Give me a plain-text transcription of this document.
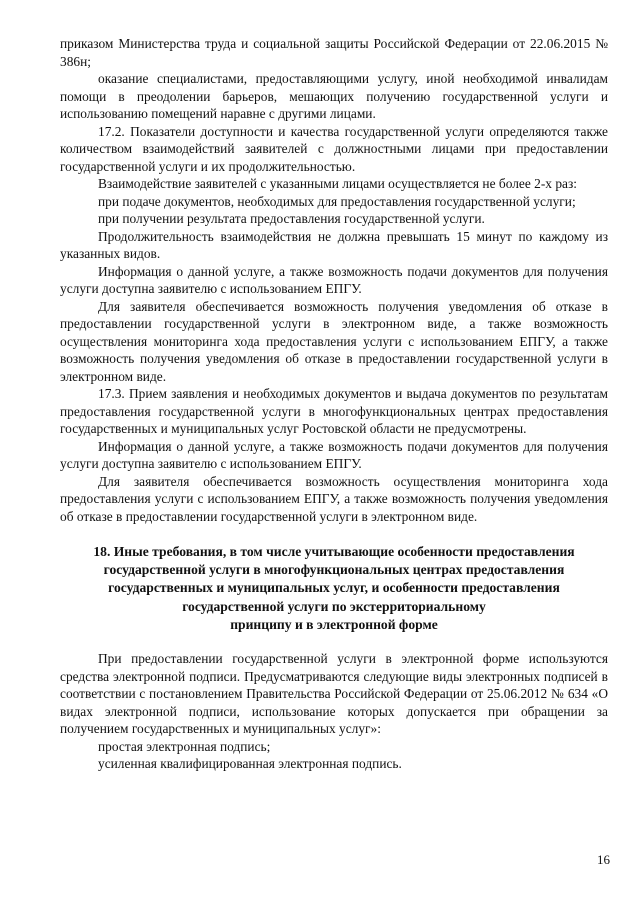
приказом Министерства труда и социальной защиты Российской Федерации от 22.06.2015 № 386н;

оказание специалистами, предоставляющими услугу, иной необходимой инвалидам помощи в преодолении барьеров, мешающих получению государственной услуги и использованию помещений наравне с другими лицами.

17.2. Показатели доступности и качества государственной услуги определяются также количеством взаимодействий заявителей с должностными лицами при предоставлении государственной услуги и их продолжительностью.

Взаимодействие заявителей с указанными лицами осуществляется не более 2-х раз:

при подаче документов, необходимых для предоставления государственной услуги;

при получении результата предоставления государственной услуги.

Продолжительность взаимодействия не должна превышать 15 минут по каждому из указанных видов.

Информация о данной услуге, а также возможность подачи документов для получения услуги доступна заявителю с использованием ЕПГУ.

Для заявителя обеспечивается возможность получения уведомления об отказе в предоставлении государственной услуги в электронном виде, а также возможность осуществления мониторинга хода предоставления услуги с использованием ЕПГУ, а также возможность получения уведомления об отказе в предоставлении государственной услуги в электронном виде.

17.3. Прием заявления и необходимых документов и выдача документов по результатам предоставления государственной услуги в многофункциональных центрах предоставления государственных и муниципальных услуг Ростовской области не предусмотрены.

Информация о данной услуге, а также возможность подачи документов для получения услуги доступна заявителю с использованием ЕПГУ.

Для заявителя обеспечивается возможность осуществления мониторинга хода предоставления услуги с использованием ЕПГУ, а также возможность получения уведомления об отказе в предоставлении государственной услуги в электронном виде.

18. Иные требования, в том числе учитывающие особенности предоставления
государственной услуги в многофункциональных центрах предоставления
государственных и муниципальных услуг, и особенности предоставления
государственной услуги по экстерриториальному
принципу и в электронной форме

При предоставлении государственной услуги в электронной форме используются средства электронной подписи. Предусматриваются следующие виды электронных подписей в соответствии с постановлением Правительства Российской Федерации от 25.06.2012 № 634 «О видах электронной подписи, использование которых допускается при обращении за получением государственных и муниципальных услуг»:

простая электронная подпись;

усиленная квалифицированная электронная подпись.

16
